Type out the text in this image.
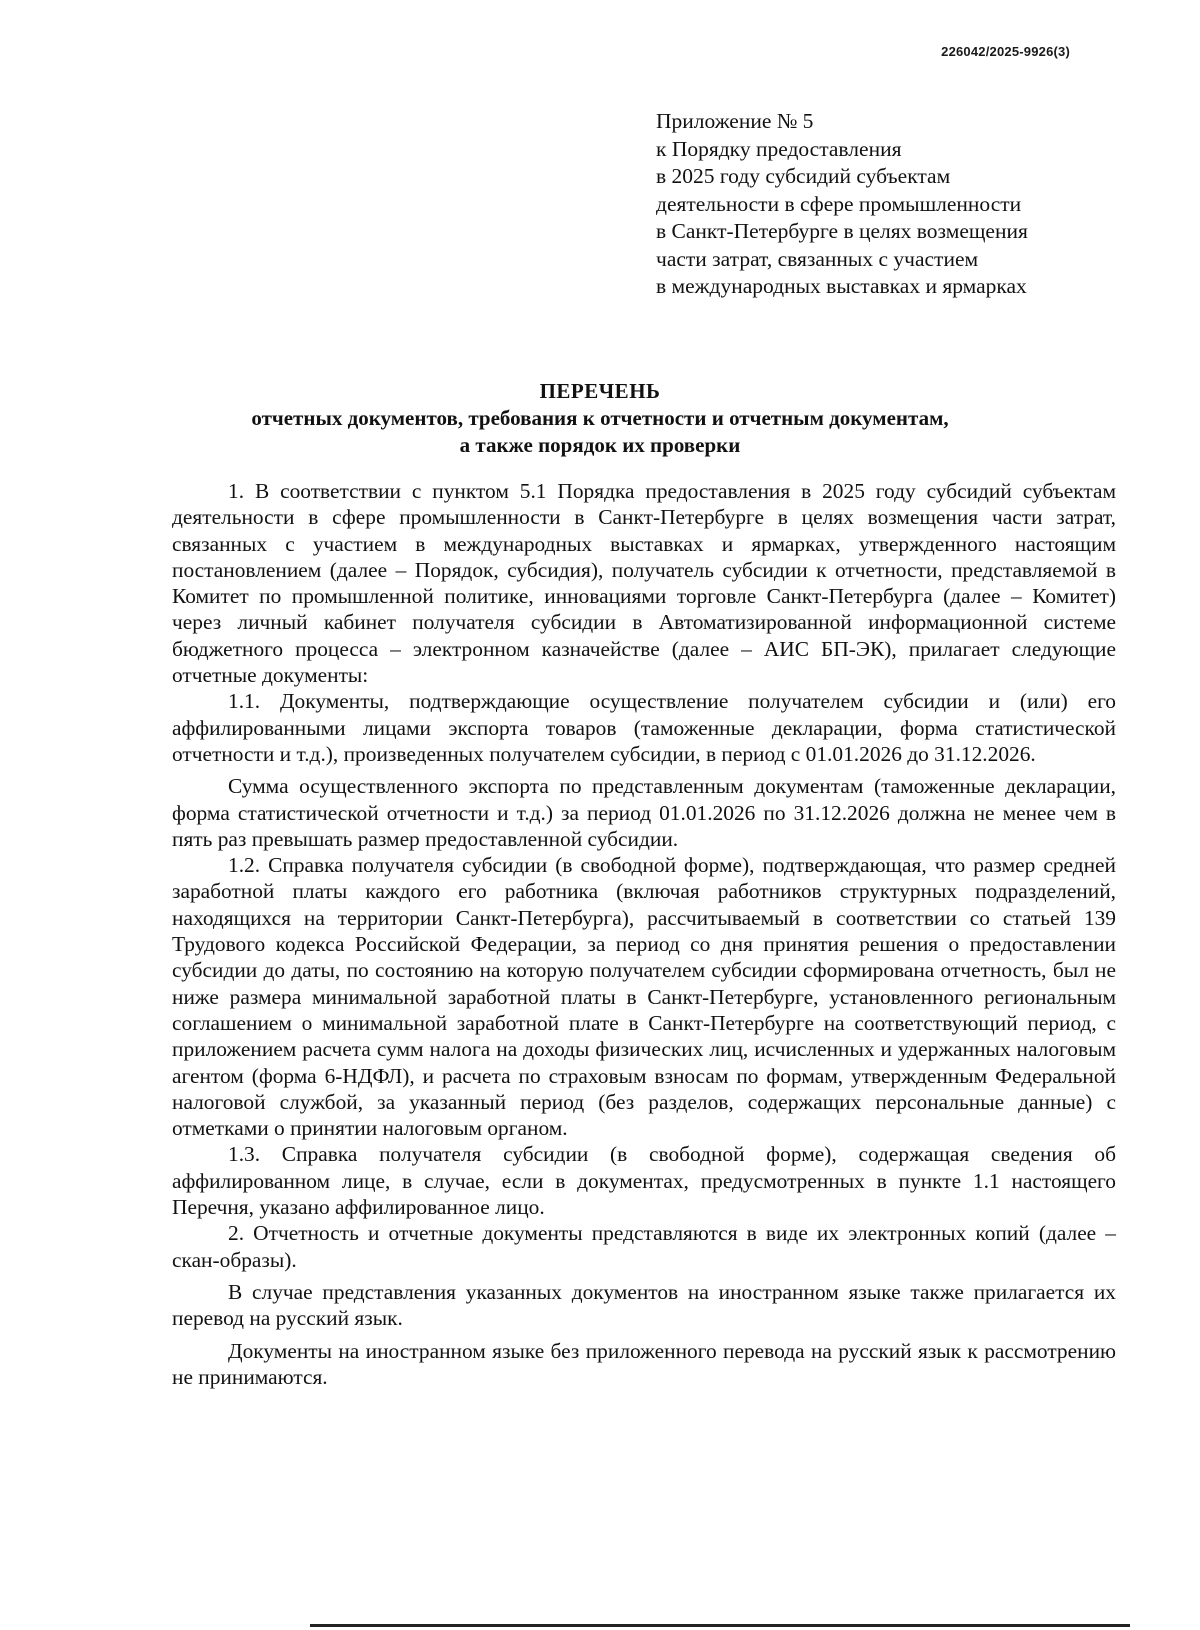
226042/2025-9926(3)
Приложение № 5
к Порядку предоставления
в 2025 году субсидий субъектам
деятельности в сфере промышленности
в Санкт-Петербурге в целях возмещения
части затрат, связанных с участием
в международных выставках и ярмарках
ПЕРЕЧЕНЬ
отчетных документов, требования к отчетности и отчетным документам,
а также порядок их проверки

1. В соответствии с пунктом 5.1 Порядка предоставления в 2025 году субсидий субъектам деятельности в сфере промышленности в Санкт-Петербурге в целях возмещения части затрат, связанных с участием в международных выставках и ярмарках, утвержденного настоящим постановлением (далее – Порядок, субсидия), получатель субсидии к отчетности, представляемой в Комитет по промышленной политике, инновациями торговле Санкт-Петербурга (далее – Комитет) через личный кабинет получателя субсидии в Автоматизированной информационной системе бюджетного процесса – электронном казначействе (далее – АИС БП-ЭК), прилагает следующие отчетные документы:

1.1. Документы, подтверждающие осуществление получателем субсидии и (или) его аффилированными лицами экспорта товаров (таможенные декларации, форма статистической отчетности и т.д.), произведенных получателем субсидии, в период с 01.01.2026 до 31.12.2026.

Сумма осуществленного экспорта по представленным документам (таможенные декларации, форма статистической отчетности и т.д.) за период 01.01.2026 по 31.12.2026 должна не менее чем в пять раз превышать размер предоставленной субсидии.

1.2. Справка получателя субсидии (в свободной форме), подтверждающая, что размер средней заработной платы каждого его работника (включая работников структурных подразделений, находящихся на территории Санкт-Петербурга), рассчитываемый в соответствии со статьей 139 Трудового кодекса Российской Федерации, за период со дня принятия решения о предоставлении субсидии до даты, по состоянию на которую получателем субсидии сформирована отчетность, был не ниже размера минимальной заработной платы в Санкт-Петербурге, установленного региональным соглашением о минимальной заработной плате в Санкт-Петербурге на соответствующий период, с приложением расчета сумм налога на доходы физических лиц, исчисленных и удержанных налоговым агентом (форма 6-НДФЛ), и расчета по страховым взносам по формам, утвержденным Федеральной налоговой службой, за указанный период (без разделов, содержащих персональные данные) с отметками о принятии налоговым органом.

1.3. Справка получателя субсидии (в свободной форме), содержащая сведения об аффилированном лице, в случае, если в документах, предусмотренных в пункте 1.1 настоящего Перечня, указано аффилированное лицо.

2. Отчетность и отчетные документы представляются в виде их электронных копий (далее – скан-образы).

В случае представления указанных документов на иностранном языке также прилагается их перевод на русский язык.

Документы на иностранном языке без приложенного перевода на русский язык к рассмотрению не принимаются.
